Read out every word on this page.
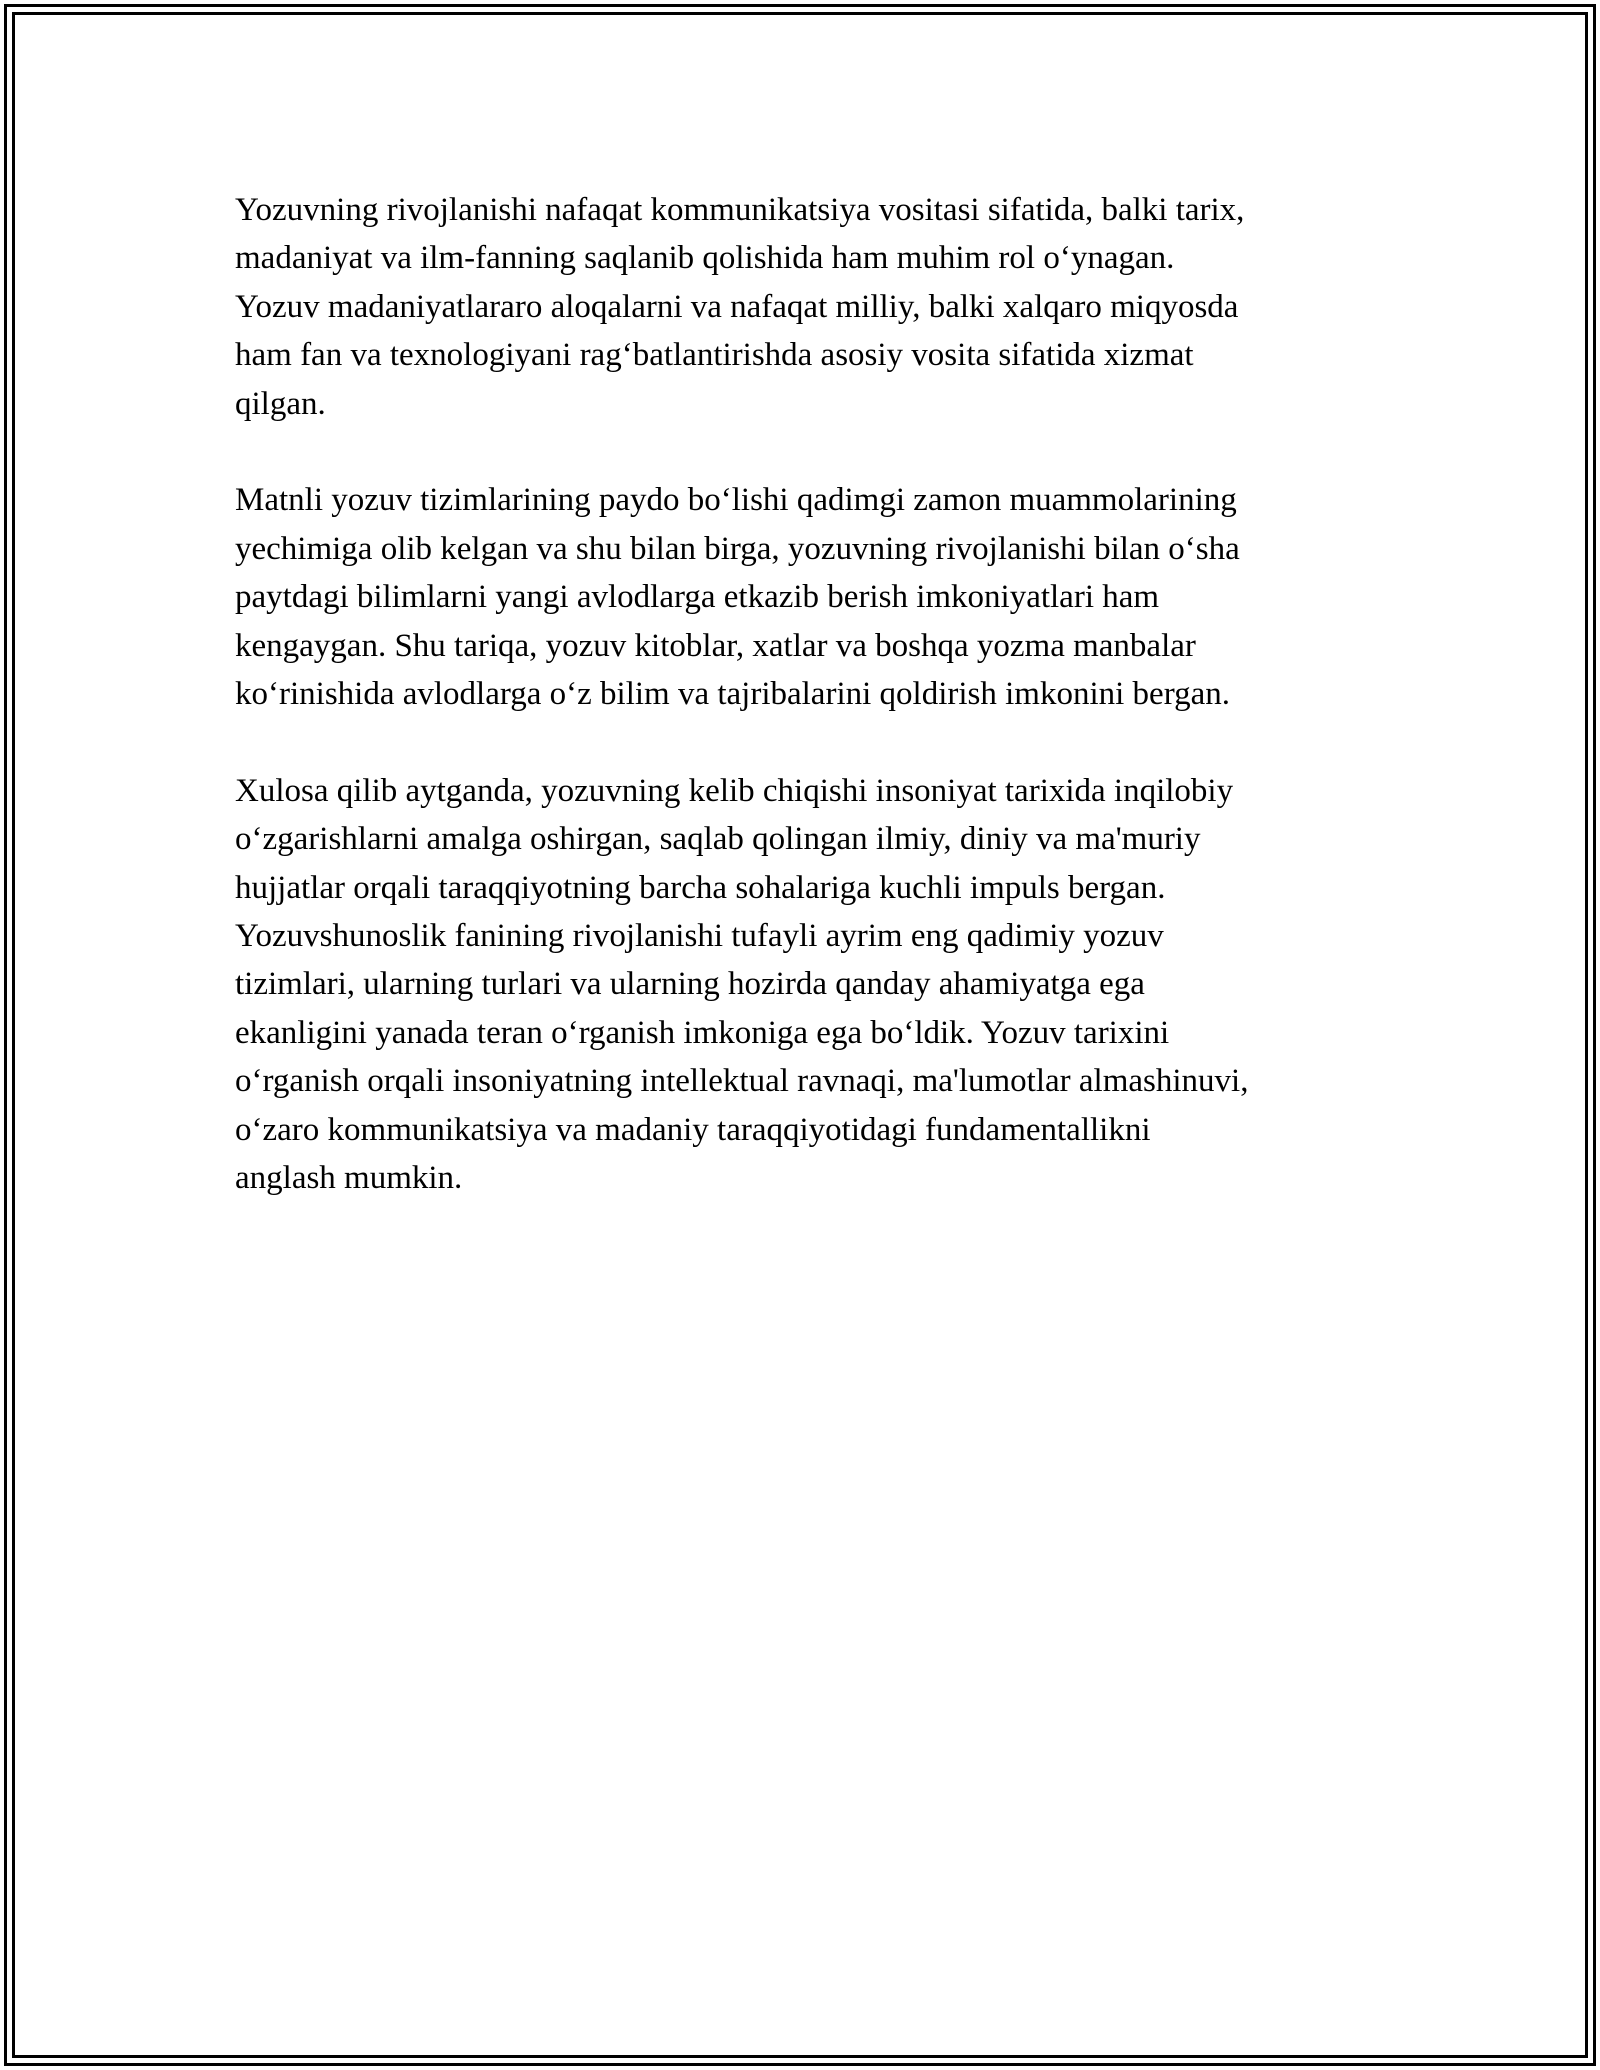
Yozuvning rivojlanishi nafaqat kommunikatsiya vositasi sifatida, balki tarix,
madaniyat va ilm-fanning saqlanib qolishida ham muhim rol o‘ynagan.
Yozuv madaniyatlararo aloqalarni va nafaqat milliy, balki xalqaro miqyosda
ham fan va texnologiyani rag‘batlantirishda asosiy vosita sifatida xizmat
qilgan.

Matnli yozuv tizimlarining paydo bo‘lishi qadimgi zamon muammolarining
yechimiga olib kelgan va shu bilan birga, yozuvning rivojlanishi bilan o‘sha
paytdagi bilimlarni yangi avlodlarga etkazib berish imkoniyatlari ham
kengaygan. Shu tariqa, yozuv kitoblar, xatlar va boshqa yozma manbalar
ko‘rinishida avlodlarga o‘z bilim va tajribalarini qoldirish imkonini bergan.

Xulosa qilib aytganda, yozuvning kelib chiqishi insoniyat tarixida inqilobiy
o‘zgarishlarni amalga oshirgan, saqlab qolingan ilmiy, diniy va ma'muriy
hujjatlar orqali taraqqiyotning barcha sohalariga kuchli impuls bergan.
Yozuvshunoslik fanining rivojlanishi tufayli ayrim eng qadimiy yozuv
tizimlari, ularning turlari va ularning hozirda qanday ahamiyatga ega
ekanligini yanada teran o‘rganish imkoniga ega bo‘ldik. Yozuv tarixini
o‘rganish orqali insoniyatning intellektual ravnaqi, ma'lumotlar almashinuvi,
o‘zaro kommunikatsiya va madaniy taraqqiyotidagi fundamentallikni
anglash mumkin.
